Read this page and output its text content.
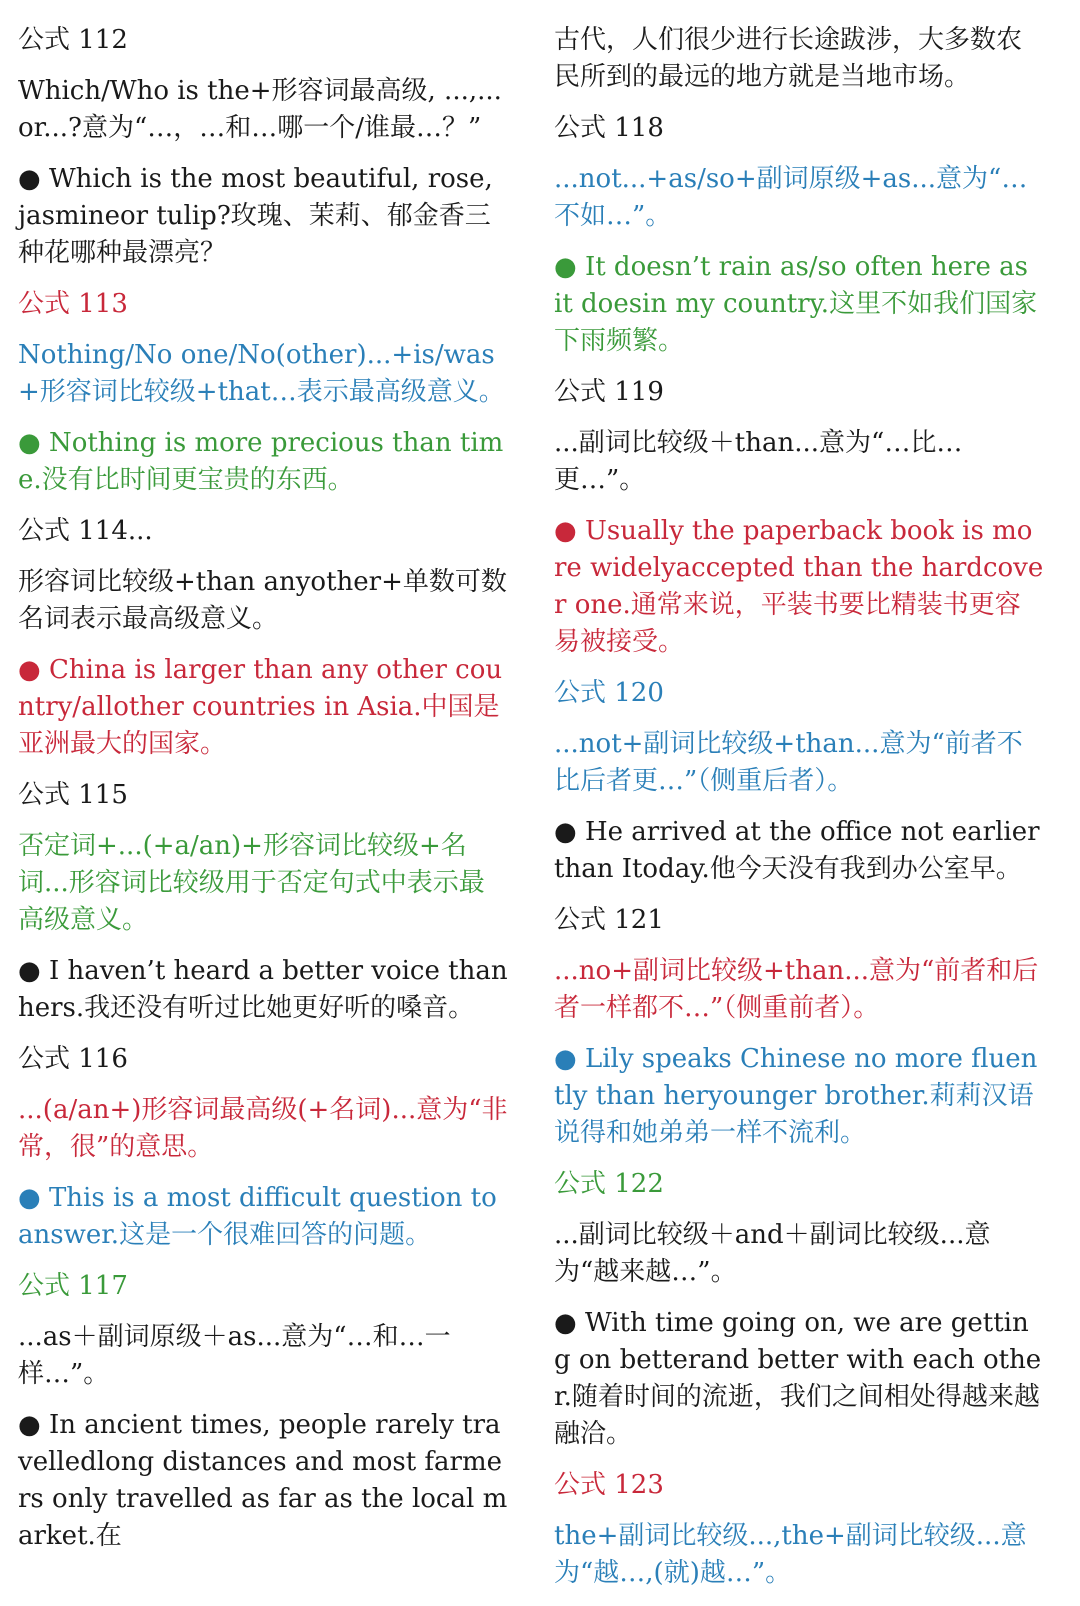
公式 112
Which/Who is the+形容词最高级, ...,...or...?意为“…，…和…哪一个/谁最…？”
● Which is the most beautiful, rose, jasmineor tulip?玫瑰、茉莉、郁金香三种花哪种最漂亮？
公式 113
Nothing/No one/No(other)...+is/was+形容词比较级+that…表示最高级意义。
● Nothing is more precious than time.没有比时间更宝贵的东西。
公式 114...
形容词比较级+than anyother+单数可数名词表示最高级意义。
● China is larger than any other country/allother countries in Asia.中国是亚洲最大的国家。
公式 115
否定词+...(+a/an)+形容词比较级+名词...形容词比较级用于否定句式中表示最高级意义。
● I haven’t heard a better voice than hers.我还没有听过比她更好听的嗓音。
公式 116
...(a/an+)形容词最高级(+名词)...意为“非常，很”的意思。
● This is a most difficult question to answer.这是一个很难回答的问题。
公式 117
...as＋副词原级＋as...意为“…和…一样…”。
● In ancient times, people rarely travelledlong distances and most farmers only travelled as far as the local market.在
古代，人们很少进行长途跋涉，大多数农民所到的最远的地方就是当地市场。
公式 118
...not...+as/so+副词原级+as...意为“…不如…”。
● It doesn’t rain as/so often here as it doesin my country.这里不如我们国家下雨频繁。
公式 119
...副词比较级＋than...意为“…比…更…”。
● Usually the paperback book is more widelyaccepted than the hardcover one.通常来说，平装书要比精装书更容易被接受。
公式 120
...not+副词比较级+than...意为“前者不比后者更…”（侧重后者）。
● He arrived at the office not earlier than Itoday.他今天没有我到办公室早。
公式 121
...no+副词比较级+than...意为“前者和后者一样都不…”（侧重前者）。
● Lily speaks Chinese no more fluently than heryounger brother.莉莉汉语说得和她弟弟一样不流利。
公式 122
...副词比较级＋and＋副词比较级...意为“越来越…”。
● With time going on, we are getting on betterand better with each other.随着时间的流逝，我们之间相处得越来越融洽。
公式 123
the+副词比较级...,the+副词比较级...意为“越…,(就)越…”。
